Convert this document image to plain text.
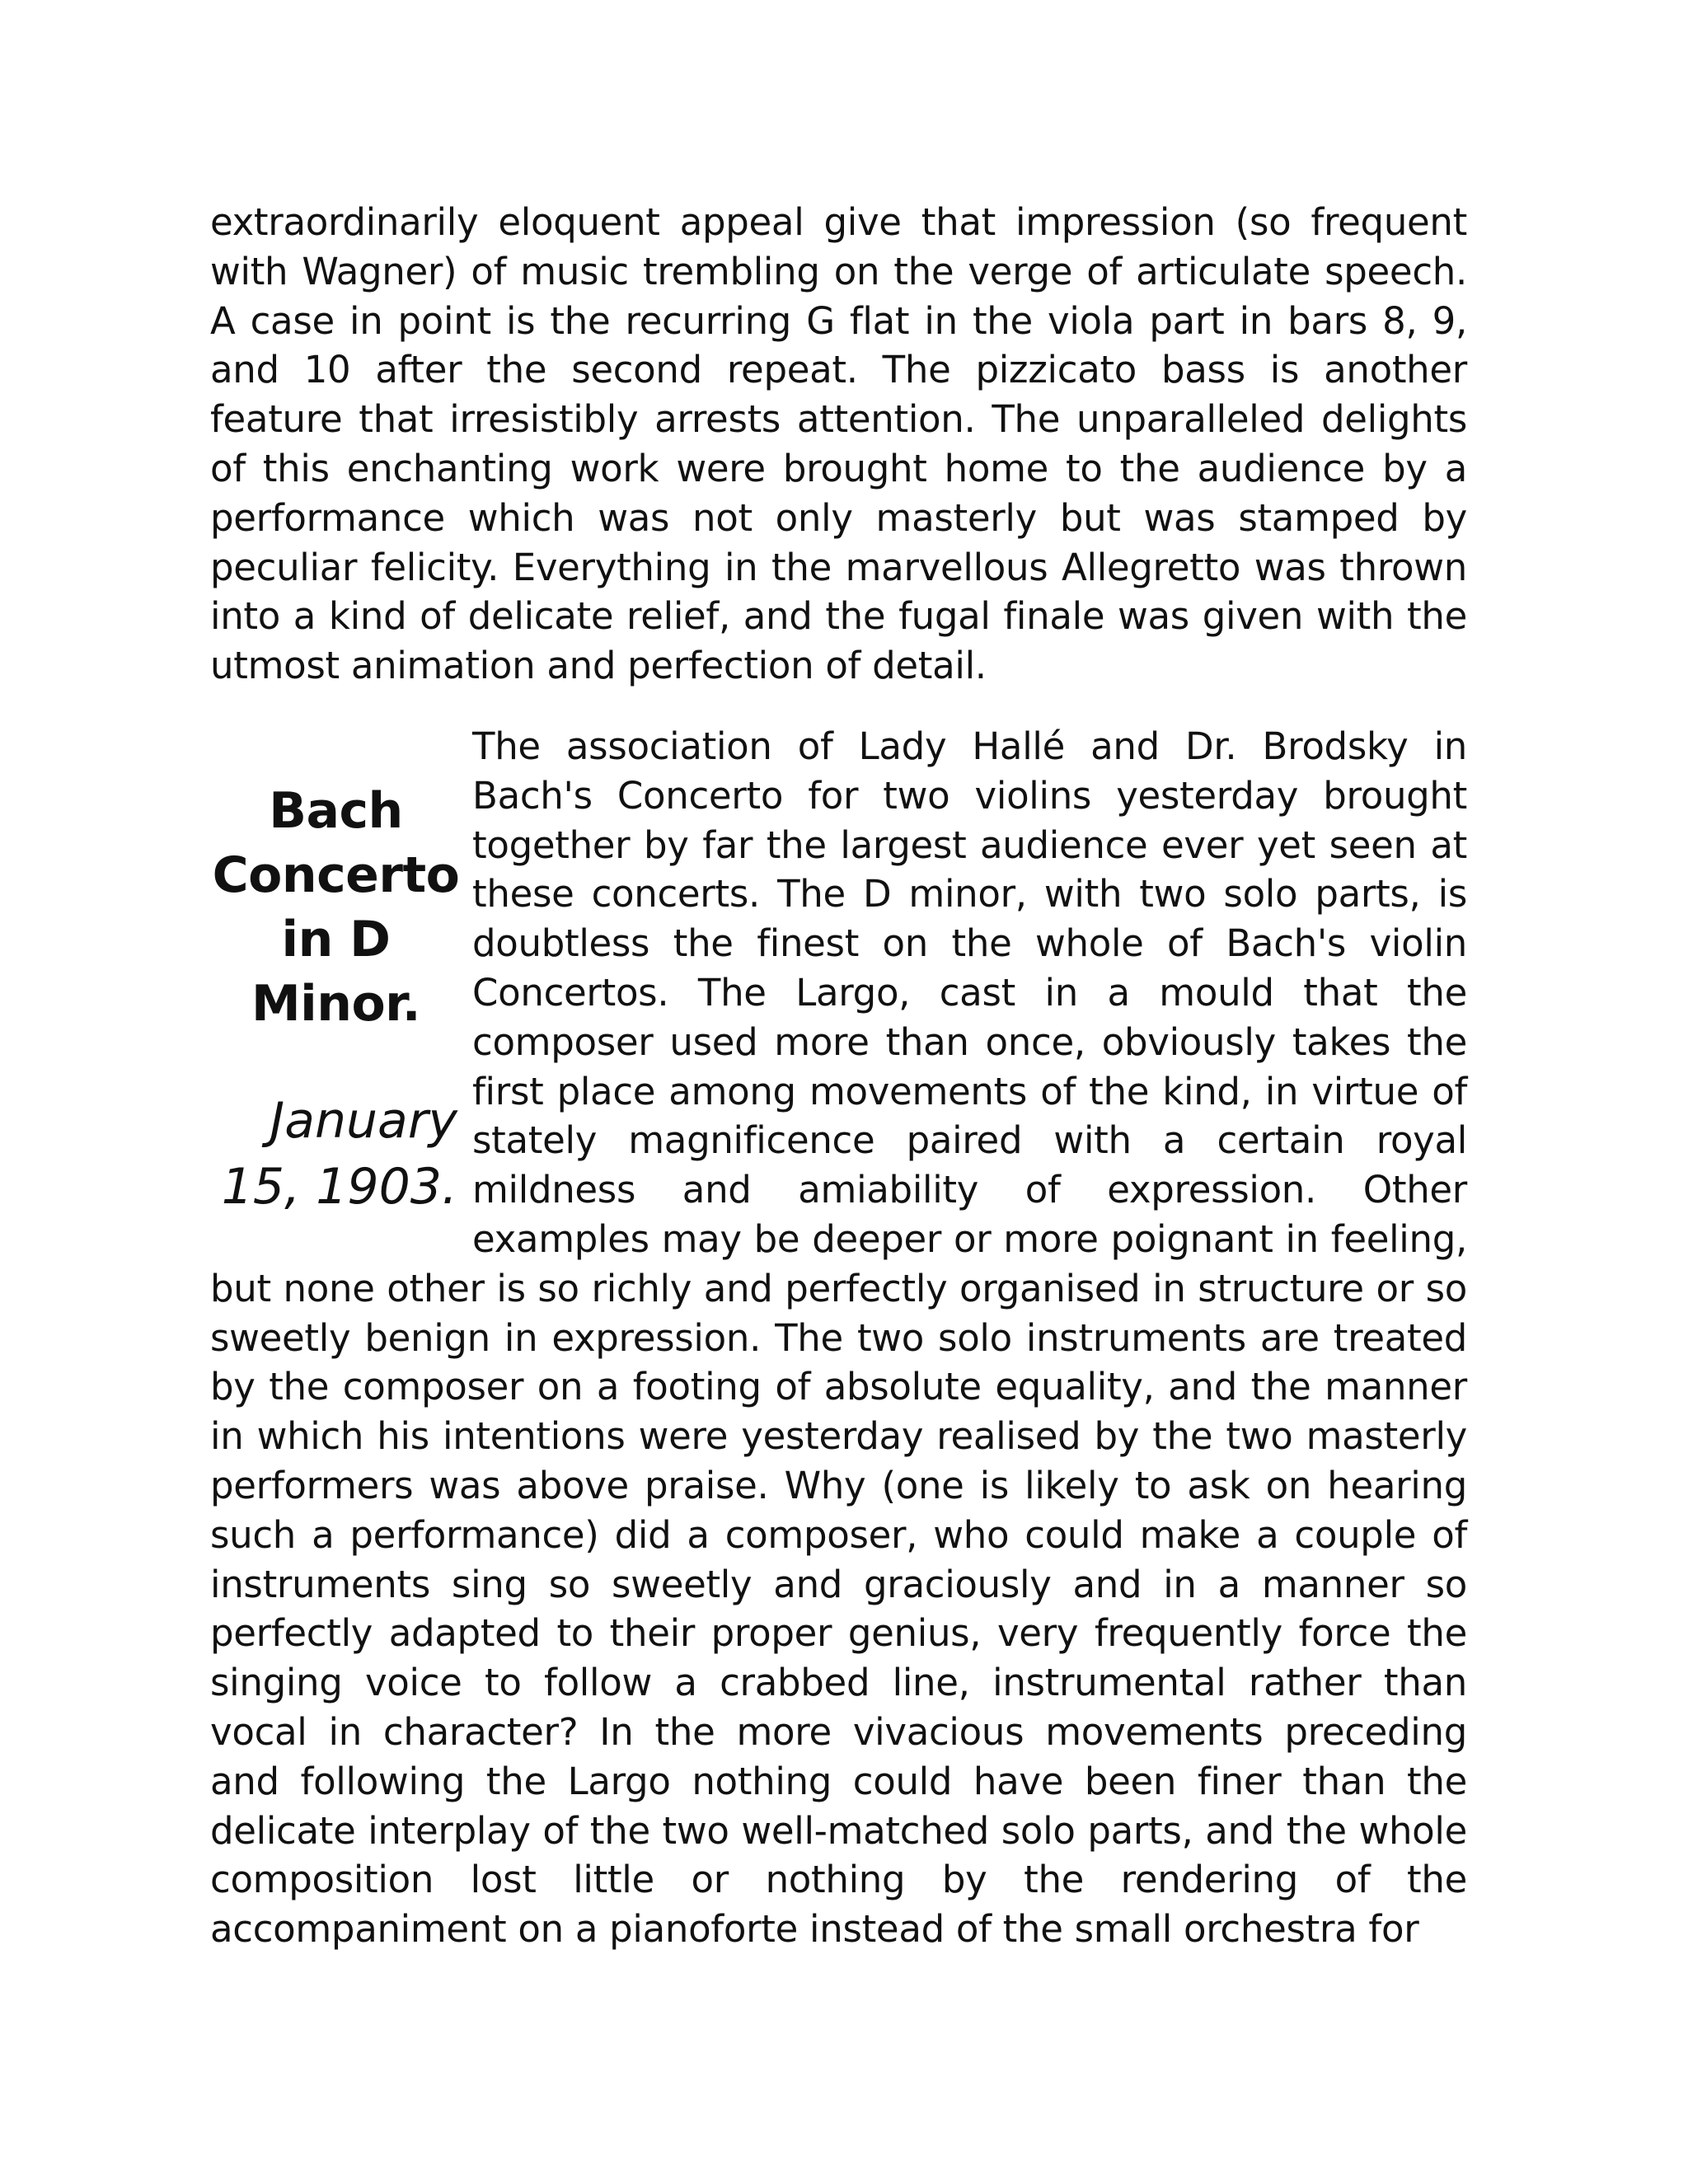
extraordinarily eloquent appeal give that impression (so frequent with Wagner) of music trembling on the verge of articulate speech. A case in point is the recurring G flat in the viola part in bars 8, 9, and 10 after the second repeat. The pizzicato bass is another feature that irresistibly arrests attention. The unparalleled delights of this enchanting work were brought home to the audience by a performance which was not only masterly but was stamped by peculiar felicity. Everything in the marvellous Allegretto was thrown into a kind of delicate relief, and the fugal finale was given with the utmost animation and perfection of detail.

Bach Concerto in D Minor.
January 15, 1903.
The association of Lady Hallé and Dr. Brodsky in Bach's Concerto for two violins yesterday brought together by far the largest audience ever yet seen at these concerts. The D minor, with two solo parts, is doubtless the finest on the whole of Bach's violin Concertos. The Largo, cast in a mould that the composer used more than once, obviously takes the first place among movements of the kind, in virtue of stately magnificence paired with a certain royal mildness and amiability of expression. Other examples may be deeper or more poignant in feeling, but none other is so richly and perfectly organised in structure or so sweetly benign in expression. The two solo instruments are treated by the composer on a footing of absolute equality, and the manner in which his intentions were yesterday realised by the two masterly performers was above praise. Why (one is likely to ask on hearing such a performance) did a composer, who could make a couple of instruments sing so sweetly and graciously and in a manner so perfectly adapted to their proper genius, very frequently force the singing voice to follow a crabbed line, instrumental rather than vocal in character? In the more vivacious movements preceding and following the Largo nothing could have been finer than the delicate interplay of the two well-matched solo parts, and the whole composition lost little or nothing by the rendering of the accompaniment on a pianoforte instead of the small orchestra for
